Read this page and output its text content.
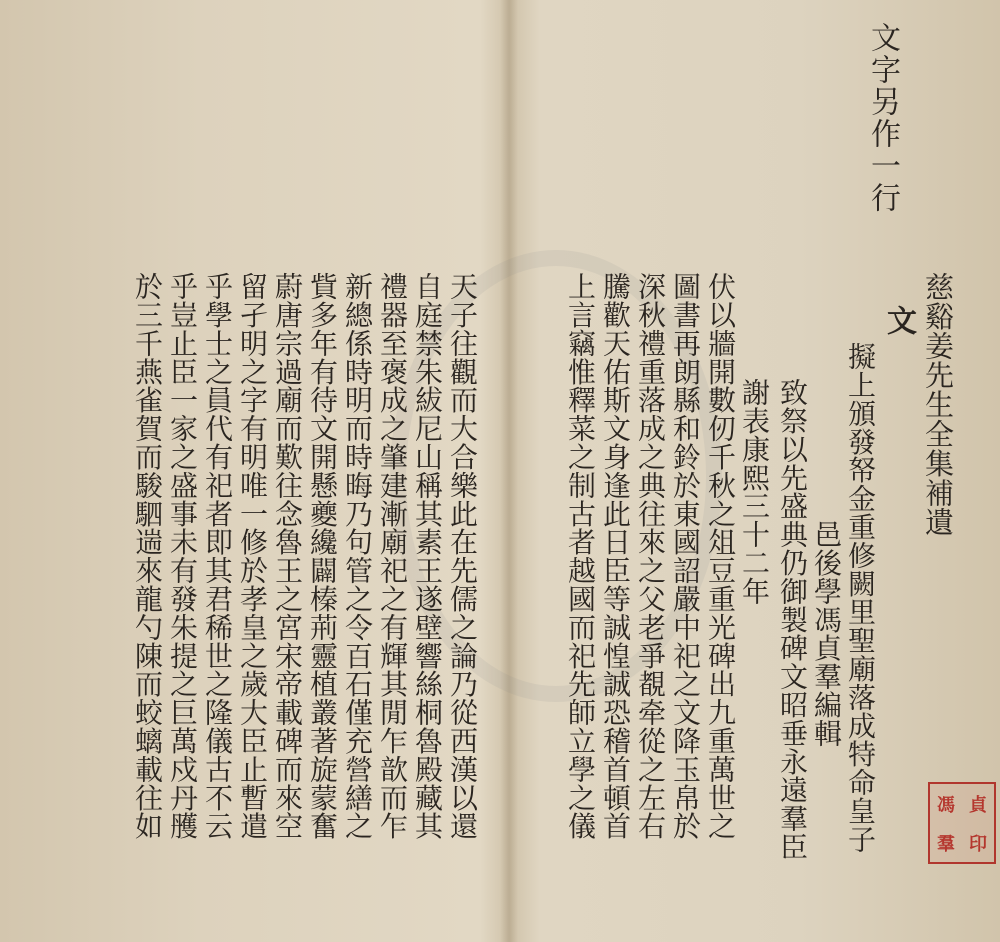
文字另作一行
慈谿姜先生全集補遺
文
擬上頒發帑金重修闕里聖廟落成特命皇子
邑後學馮貞羣編輯
致祭以先盛典仍御製碑文昭垂永遠羣臣
謝表康熙三十二年
伏以牆開數仞千秋之俎豆重光碑出九重萬世之
圖書再朗縣和鈴於東國詔嚴中祀之文降玉帛於
深秋禮重落成之典往來之父老爭覩牵從之左右
騰歡天佑斯文身逢此日臣等誠惶誠恐稽首頓首
上言竊惟釋菜之制古者越國而祀先師立學之儀
天子往觀而大合樂此在先儒之論乃從西漢以還
自庭禁朱紱尼山稱其素王遂壁響絲桐魯殿藏其
禮器至褒成之肇建漸廟祀之有輝其閒乍歆而乍
新總係時明而時晦乃句管之令百石僅充營繕之
貲多年有待文開懸夔纔闢榛荊靈植叢著旋蒙奮
蔚唐宗過廟而歎往念魯王之宮宋帝載碑而來空
留孑明之字有明唯一修於孝皇之歲大臣止暫遣
乎學士之員代有祀者即其君稀世之隆儀古不云
乎豈止臣一家之盛事未有發朱提之巨萬戍丹雘
於三千燕雀賀而駿駟遄來龍勺陳而蛟螭載往如	馮 貞
羣 印
